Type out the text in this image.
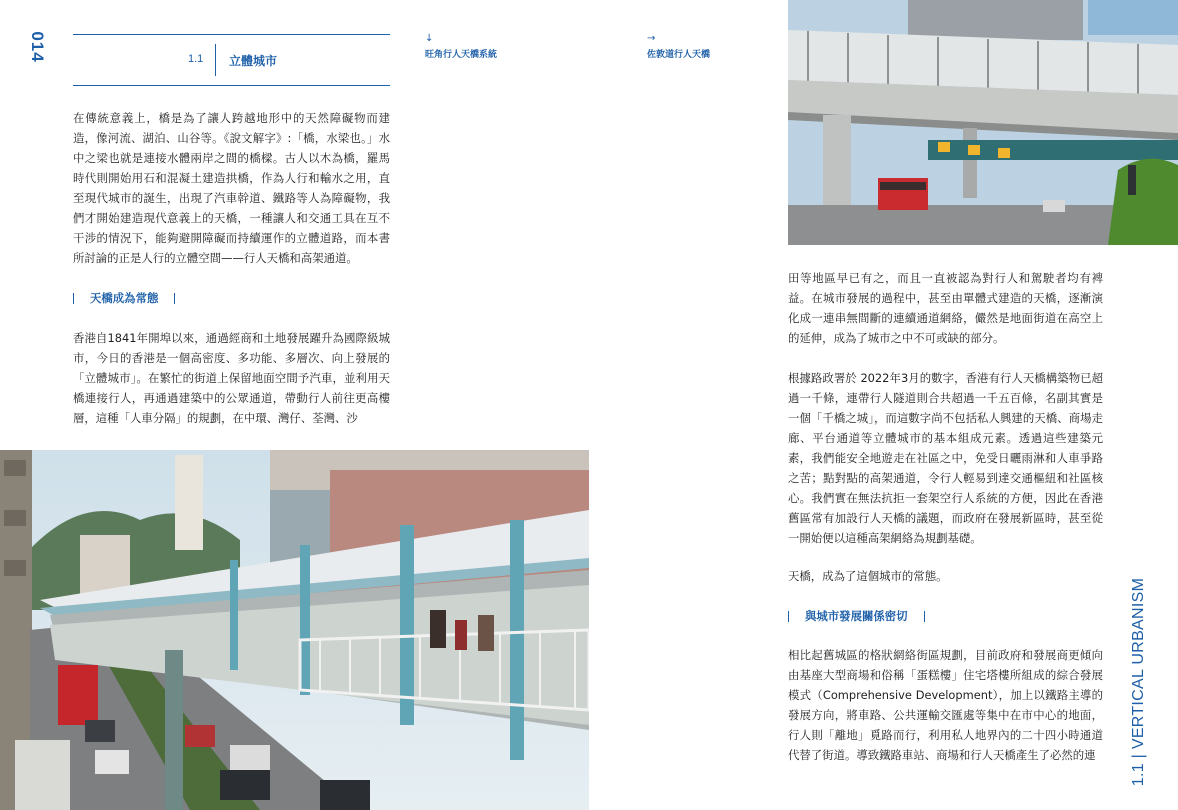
014	1.1 立體城市
↓
旺角行人天橋系統
→
佐敦道行人天橋

在傳統意義上，橋是為了讓人跨越地形中的天然障礙物而建造，像河流、湖泊、山谷等。《說文解字》:「橋，水梁也。」水中之梁也就是連接水體兩岸之間的橋樑。古人以木為橋，羅馬時代則開始用石和混凝土建造拱橋，作為人行和輸水之用，直至現代城市的誕生，出現了汽車幹道、鐵路等人為障礙物，我們才開始建造現代意義上的天橋，一種讓人和交通工具在互不干涉的情況下，能夠避開障礙而持續運作的立體道路，而本書所討論的正是人行的立體空間——行人天橋和高架通道。

天橋成為常態

香港自1841年開埠以來，通過經商和土地發展躍升為國際級城市，今日的香港是一個高密度、多功能、多層次、向上發展的「立體城市」。在繁忙的街道上保留地面空間予汽車，並利用天橋連接行人，再通過建築中的公眾通道，帶動行人前往更高樓層，這種「人車分隔」的規劃，在中環、灣仔、荃灣、沙

田等地區早已有之，而且一直被認為對行人和駕駛者均有裨益。在城市發展的過程中，甚至由單體式建造的天橋，逐漸演化成一連串無間斷的連續通道網絡，儼然是地面街道在高空上的延伸，成為了城市之中不可或缺的部分。

根據路政署於 2022年3月的數字，香港有行人天橋構築物已超過一千條，連帶行人隧道則合共超過一千五百條，名副其實是一個「千橋之城」，而這數字尚不包括私人興建的天橋、商場走廊、平台通道等立體城市的基本組成元素。透過這些建築元素，我們能安全地遊走在社區之中，免受日曬雨淋和人車爭路之苦；點對點的高架通道，令行人輕易到達交通樞紐和社區核心。我們實在無法抗拒一套架空行人系統的方便，因此在香港舊區常有加設行人天橋的議題，而政府在發展新區時，甚至從一開始便以這種高架網絡為規劃基礎。

天橋，成為了這個城市的常態。

與城市發展關係密切

相比起舊城區的格狀網絡街區規劃，目前政府和發展商更傾向由基座大型商場和俗稱「蛋糕樓」住宅塔樓所組成的綜合發展模式（Comprehensive Development），加上以鐵路主導的發展方向，將車路、公共運輸交匯處等集中在市中心的地面，行人則「離地」覓路而行，利用私人地界內的二十四小時通道代替了街道。導致鐵路車站、商場和行人天橋產生了必然的連	1.1 | VERTICAL URBANISM
